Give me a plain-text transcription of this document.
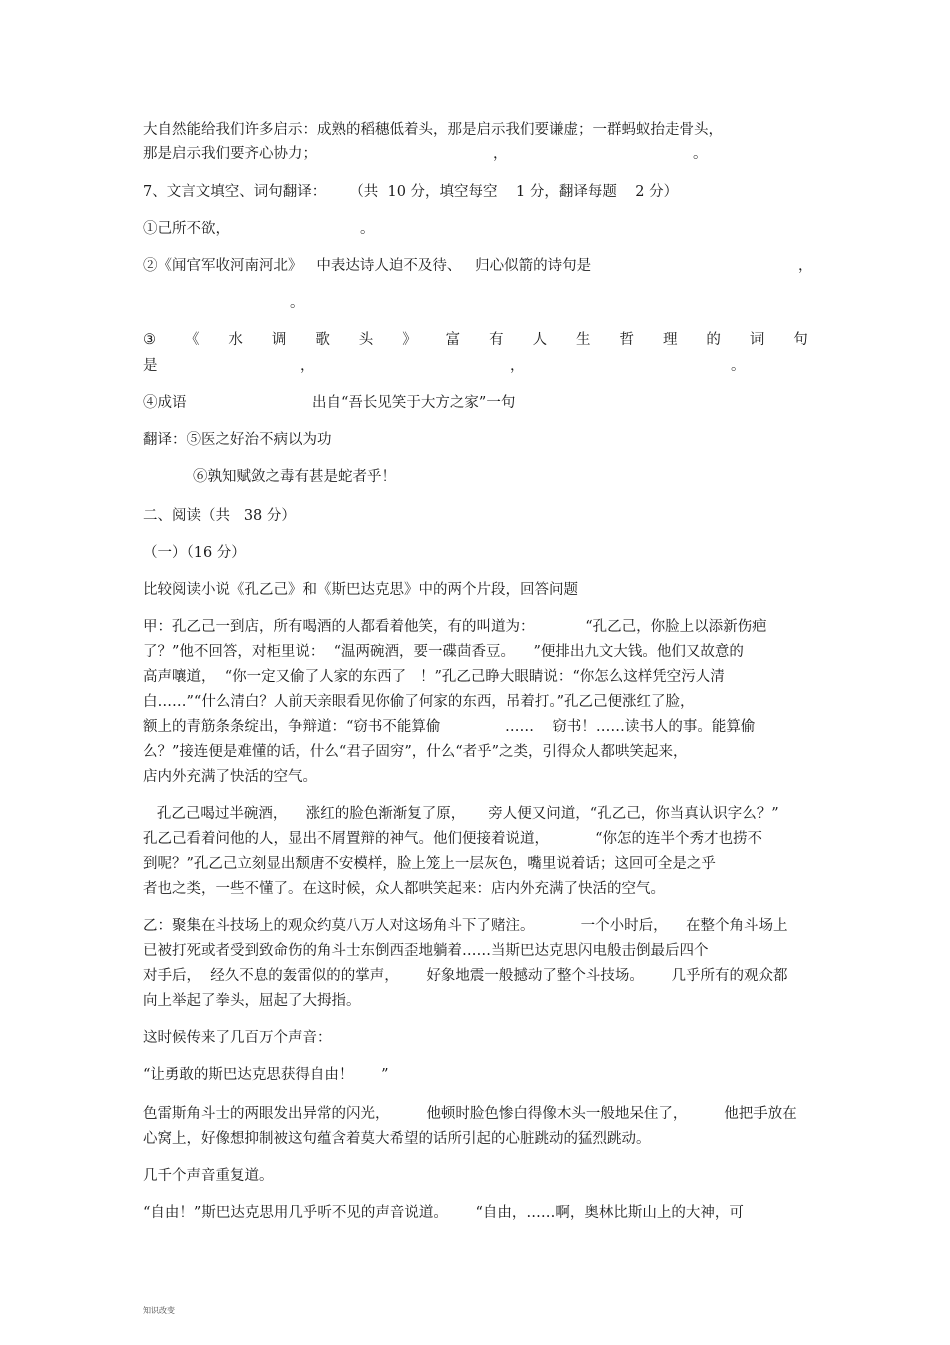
大自然能给我们许多启示：成熟的稻穗低着头，那是启示我们要谦虚；一群蚂蚁抬走骨头，
那是启示我们要齐心协力；	，	。
7、文言文填空、词句翻译：     （共  10 分，填空每空    1 分，翻译每题    2 分）
①己所不欲，	。
②《闻官军收河南河北》   中表达诗人迫不及待、   归心似箭的诗句是	，
。
③ 《 水 调 歌 头 》 富 有 人 生 哲 理 的 词 句
是	，	，	。
④成语	出自“吾长见笑于大方之家”一句
翻译：⑤医之好治不病以为功
⑥孰知赋敛之毒有甚是蛇者乎！
二、阅读（共   38 分）
（一）（16 分）
比较阅读小说《孔乙己》和《斯巴达克思》中的两个片段，回答问题
甲：孔乙己一到店，所有喝酒的人都看着他笑，有的叫道为：           “孔乙己，你脸上以添新伤疤
了？”他不回答，对柜里说：  “温两碗酒，要一碟茴香豆。    ”便排出九文大钱。他们又故意的
高声嚷道，  “你一定又偷了人家的东西了   ！”孔乙己睁大眼睛说：“你怎么这样凭空污人清
白……”“什么清白？人前天亲眼看见你偷了何家的东西，吊着打。”孔乙己便涨红了脸，
额上的青筋条条绽出，争辩道：“窃书不能算偷              ……    窃书！……读书人的事。能算偷
么？”接连便是难懂的话，什么“君子固穷”，什么“者乎”之类，引得众人都哄笑起来，
店内外充满了快活的空气。
孔乙己喝过半碗酒，    涨红的脸色渐渐复了原，     旁人便又问道，“孔乙己，你当真认识字么？”
孔乙己看着问他的人，显出不屑置辩的神气。他们便接着说道，          “你怎的连半个秀才也捞不
到呢？”孔乙己立刻显出颓唐不安模样，脸上笼上一层灰色，嘴里说着话；这回可全是之乎
者也之类，一些不懂了。在这时候，众人都哄笑起来：店内外充满了快活的空气。
乙：聚集在斗技场上的观众约莫八万人对这场角斗下了赌注。          一个小时后，    在整个角斗场上
已被打死或者受到致命伤的角斗士东倒西歪地躺着……当斯巴达克思闪电般击倒最后四个
对手后，  经久不息的轰雷似的的掌声，      好象地震一般撼动了整个斗技场。      几乎所有的观众都
向上举起了拳头，屈起了大拇指。
这时候传来了几百万个声音：
“让勇敢的斯巴达克思获得自由！      ”
色雷斯角斗士的两眼发出异常的闪光，        他顿时脸色惨白得像木头一般地呆住了，        他把手放在
心窝上，好像想抑制被这句蕴含着莫大希望的话所引起的心脏跳动的猛烈跳动。
几千个声音重复道。
“自由！”斯巴达克思用几乎听不见的声音说道。      “自由，……啊，奥林比斯山上的大神，可
知识改变
